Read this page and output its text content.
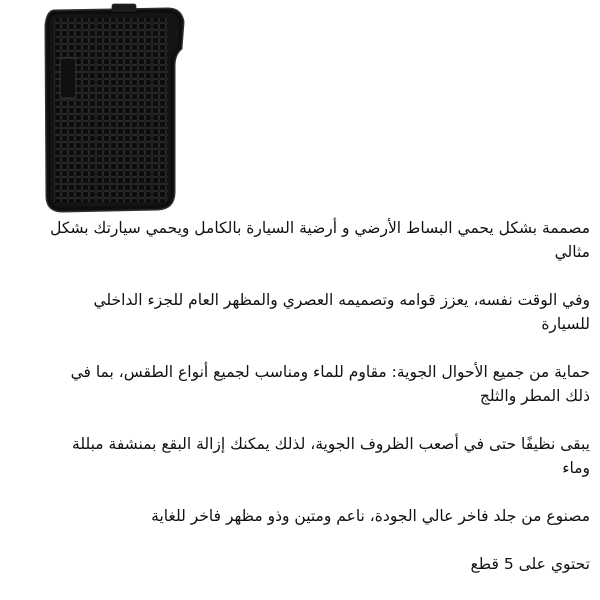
مصممة بشكل يحمي البساط الأرضي و أرضية السيارة بالكامل ويحمي سيارتك بشكل مثالي

وفي الوقت نفسه، يعزز قوامه وتصميمه العصري والمظهر العام للجزء الداخلي للسيارة

حماية من جميع الأحوال الجوية: مقاوم للماء ومناسب لجميع أنواع الطقس، بما في ذلك المطر والثلج

يبقى نظيفًا حتى في أصعب الظروف الجوية، لذلك يمكنك إزالة البقع بمنشفة مبللة وماء

مصنوع من جلد فاخر عالي الجودة، ناعم ومتين وذو مظهر فاخر للغاية

تحتوي على 5 قطع
